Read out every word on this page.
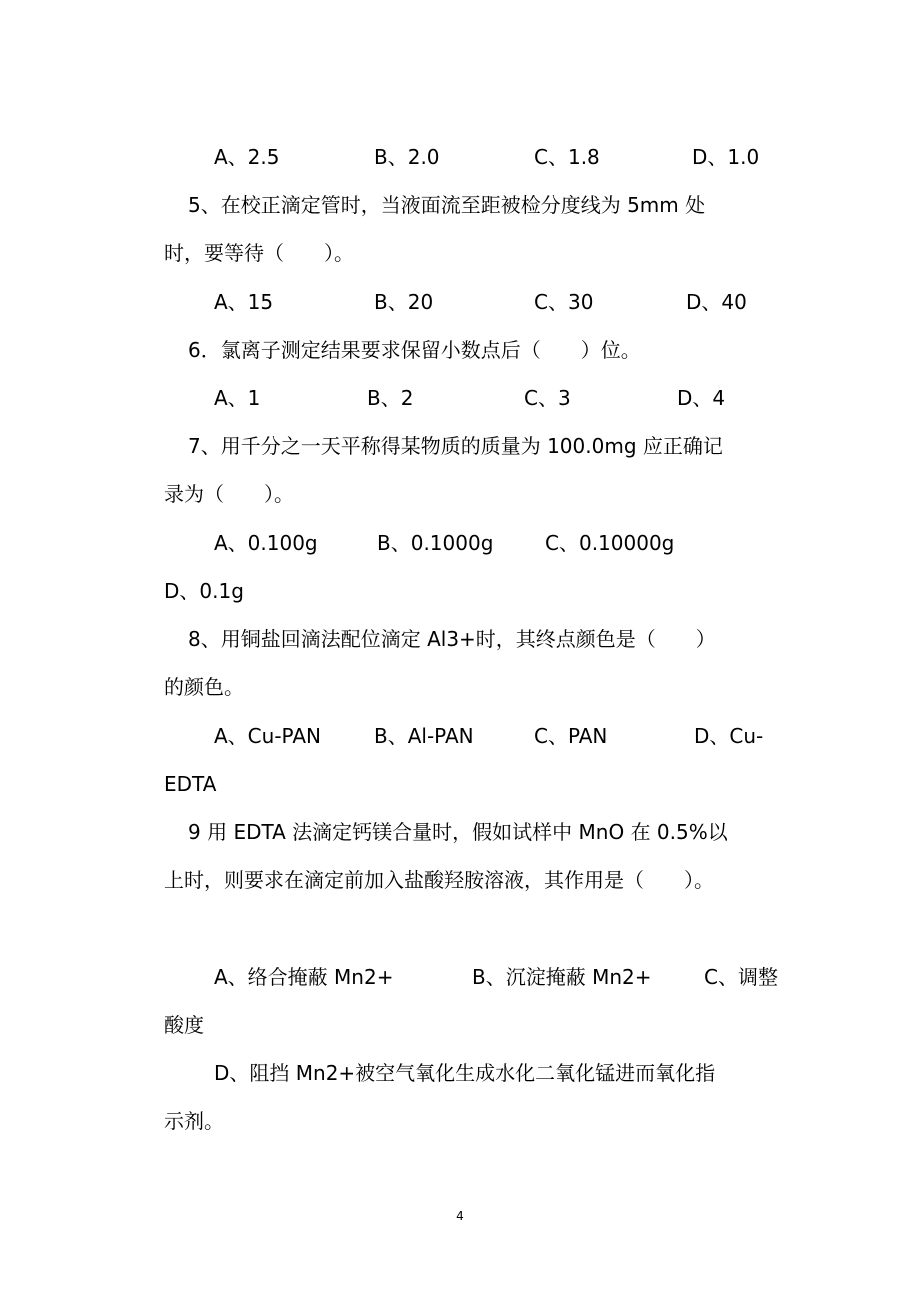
A、2.5	B、2.0	C、1.8	D、1.0

5、在校正滴定管时，当液面流至距被检分度线为 5mm 处

时，要等待（　　）。

A、15	B、20	C、30	D、40

6．氯离子测定结果要求保留小数点后（　　）位。

A、1	B、2	C、3	D、4

7、用千分之一天平称得某物质的质量为 100.0mg 应正确记

录为（　　）。

A、0.100g	B、0.1000g	C、0.10000g
D、0.1g

8、用铜盐回滴法配位滴定 Al3+时，其终点颜色是（　　）

的颜色。

A、Cu-PAN	B、Al-PAN	C、PAN	D、Cu-
EDTA

9 用 EDTA 法滴定钙镁合量时，假如试样中 MnO 在 0.5%以

上时，则要求在滴定前加入盐酸羟胺溶液，其作用是（　　）。

A、络合掩蔽 Mn2+	B、沉淀掩蔽 Mn2+	C、调整
酸度

D、阻挡 Mn2+被空气氧化生成水化二氧化锰进而氧化指

示剂。

4
